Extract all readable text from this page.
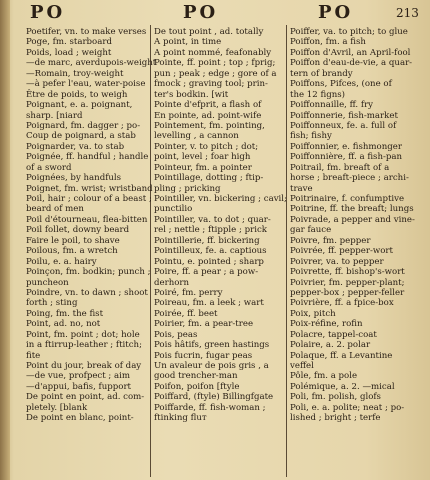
PO	PO	PO	213
Poetifer, vn. to make verses
Poge, fm. starboard
Poids, load ; weight
—de marc, averdupois-weight
—Romain, troy-weight
—à pefer l'eau, water-poise
Être de poids, to weigh
Poignant, e. a. poignant,
sharp. [niard
Poignard, fm. dagger ; po-
Coup de poignard, a stab
Poignarder, va. to stab
Poignée, ff. handful ; handle
of a sword
Poignées, by handfuls
Poignet, fm. wrist; wristband
Poil, hair ; colour of a beast ;
beard of men
Poil d'étourneau, flea-bitten
Poil follet, downy beard
Faire le poil, to shave
Poilous, fm. a wretch
Poilu, e. a. hairy
Poinçon, fm. bodkin; punch ;
puncheon
Poindre, vn. to dawn ; shoot
forth ; sting
Poing, fm. the fist
Point, ad. no, not
Point, fm. point ; dot; hole
in a ftirrup-leather ; ftitch;
fite
Point du jour, break of day
—de vue, profpect ; aim
—d'appui, bafis, fupport
De point en point, ad. com-
pletely. [blank
De point en blanc, point-
De tout point , ad. totally
A point, in time
A point nommé, feafonably
Pointe, ff. point ; top ; fprig;
pun ; peak ; edge ; gore of a
fmock ; graving tool; prin-
ter's bodkin. [wit
Pointe d'efprit, a flash of
En pointe, ad. point-wife
Pointement, fm. pointing,
levelling , a cannon
Pointer, v. to pitch ; dot;
point, level ; foar high
Pointeur, fm. a pointer
Pointillage, dotting ; ftip-
pling ; pricking
Pointiller, vn. bickering ; cavil;
punctilio
Pointiller, va. to dot ; quar-
rel ; nettle ; ftipple ; prick
Pointillerie, ff. bickering
Pointilleux, fe. a. captious
Pointu, e. pointed ; sharp
Poire, ff. a pear ; a pow-
derhorn
Poiré, fm. perry
Poireau, fm. a leek ; wart
Poirée, ff. beet
Poirier, fm. a pear-tree
Pois, peas
Pois hâtifs, green hastings
Pois fucrin, fugar peas
Un avaleur de pois gris , a
good trencher-man
Poifon, poifon [ftyle
Poiffard, (ftyle) Billingfgate
Poiffarde, ff. fish-woman ;
ftinking fluт
Poiffer, va. to pitch; to glue
Poiffon, fm. a fish
Poiffon d'Avril, an April-fool
Poiffon d'eau-de-vie, a quar-
tern of brandy
Poiffons, Pifces, (one of
the 12 figns)
Poiffonnaille, ff. fry
Poiffonnerie, fish-market
Poiffonneux, fe. a. full of
fish; fishy
Poiffonnier, e. fishmonger
Poiffonnière, ff. a fish-pan
Poitrail, fm. breaft of a
horse ; breaft-piece ; archi-
trave
Poitrinaire, f. confumptive
Poitrine, ff. the breaft; lungs
Poivrade, a pepper and vine-
gar fauce
Poivre, fm. pepper
Poivrée, ff. pepper-wort
Poivrer, va. to pepper
Poivrette, ff. bishop's-wort
Poivrier, fm. pepper-plant;
pepper-box ; pepper-feller
Poivrière, ff. a fpice-box
Poix, pitch
Poix-réfine, rofin
Polacre, tappel-coat
Polaire, a. 2. polar
Polaque, ff. a Levantine
veffel
Pôle, fm. a pole
Polémique, a. 2. —mical
Poli, fm. polish, glofs
Poli, e. a. polite; neat ; po-
lished ; bright ; terfe
